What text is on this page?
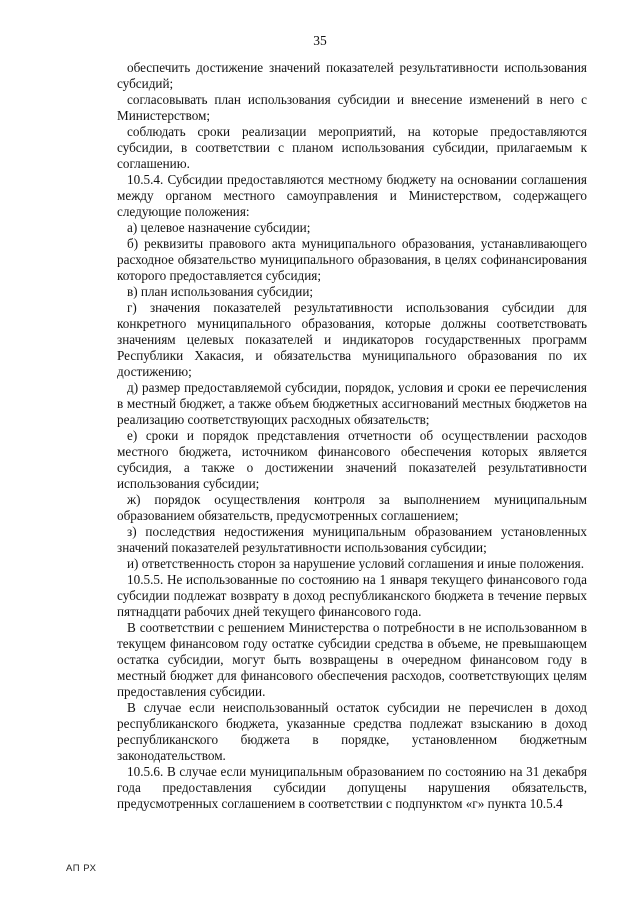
35

обеспечить достижение значений показателей результативности использования субсидий;

согласовывать план использования субсидии и внесение изменений в него с Министерством;

соблюдать сроки реализации мероприятий, на которые предоставляются субсидии, в соответствии с планом использования субсидии, прилагаемым к соглашению.

10.5.4. Субсидии предоставляются местному бюджету на основании соглашения между органом местного самоуправления и Министерством, содержащего следующие положения:

а) целевое назначение субсидии;

б) реквизиты правового акта муниципального образования, устанавливающего расходное обязательство муниципального образования, в целях софинансирования которого предоставляется субсидия;

в) план использования субсидии;

г) значения показателей результативности использования субсидии для конкретного муниципального образования, которые должны соответствовать значениям целевых показателей и индикаторов государственных программ Республики Хакасия, и обязательства муниципального образования по их достижению;

д) размер предоставляемой субсидии, порядок, условия и сроки ее перечисления в местный бюджет, а также объем бюджетных ассигнований местных бюджетов на реализацию соответствующих расходных обязательств;

е) сроки и порядок представления отчетности об осуществлении расходов местного бюджета, источником финансового обеспечения которых является субсидия, а также о достижении значений показателей результативности использования субсидии;

ж) порядок осуществления контроля за выполнением муниципальным образованием обязательств, предусмотренных соглашением;

з) последствия недостижения муниципальным образованием установленных значений показателей результативности использования субсидии;

и) ответственность сторон за нарушение условий соглашения и иные положения.

10.5.5. Не использованные по состоянию на 1 января текущего финансового года субсидии подлежат возврату в доход республиканского бюджета в течение первых пятнадцати рабочих дней текущего финансового года.

В соответствии с решением Министерства о потребности в не использованном в текущем финансовом году остатке субсидии средства в объеме, не превышающем остатка субсидии, могут быть возвращены в очередном финансовом году в местный бюджет для финансового обеспечения расходов, соответствующих целям предоставления субсидии.

В случае если неиспользованный остаток субсидии не перечислен в доход республиканского бюджета, указанные средства подлежат взысканию в доход республиканского бюджета в порядке, установленном бюджетным законодательством.

10.5.6. В случае если муниципальным образованием по состоянию на 31 декабря года предоставления субсидии допущены нарушения обязательств, предусмотренных соглашением в соответствии с подпунктом «г» пункта 10.5.4

АП РХ
